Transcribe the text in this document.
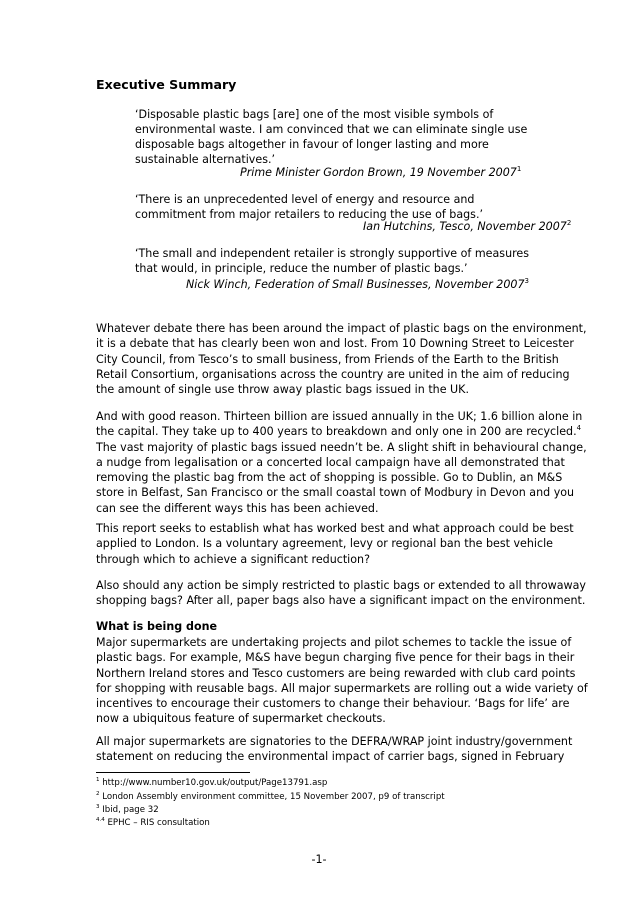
Executive Summary
‘Disposable plastic bags [are] one of the most visible symbols of
environmental waste. I am convinced that we can eliminate single use
disposable bags altogether in favour of longer lasting and more
sustainable alternatives.’
Prime Minister Gordon Brown, 19 November 2007$^1$
‘There is an unprecedented level of energy and resource and
commitment from major retailers to reducing the use of bags.’
Ian Hutchins, Tesco, November 2007$^2$
‘The small and independent retailer is strongly supportive of measures
that would, in principle, reduce the number of plastic bags.’
Nick Winch, Federation of Small Businesses, November 2007$^3$
Whatever debate there has been around the impact of plastic bags on the environment,
it is a debate that has clearly been won and lost. From 10 Downing Street to Leicester
City Council, from Tesco’s to small business, from Friends of the Earth to the British
Retail Consortium, organisations across the country are united in the aim of reducing
the amount of single use throw away plastic bags issued in the UK.
And with good reason. Thirteen billion are issued annually in the UK; 1.6 billion alone in
the capital. They take up to 400 years to breakdown and only one in 200 are recycled.$^4$
The vast majority of plastic bags issued needn’t be. A slight shift in behavioural change,
a nudge from legalisation or a concerted local campaign have all demonstrated that
removing the plastic bag from the act of shopping is possible. Go to Dublin, an M&S
store in Belfast, San Francisco or the small coastal town of Modbury in Devon and you
can see the different ways this has been achieved.
This report seeks to establish what has worked best and what approach could be best
applied to London. Is a voluntary agreement, levy or regional ban the best vehicle
through which to achieve a significant reduction?
Also should any action be simply restricted to plastic bags or extended to all throwaway
shopping bags? After all, paper bags also have a significant impact on the environment.
What is being done
Major supermarkets are undertaking projects and pilot schemes to tackle the issue of
plastic bags. For example, M&S have begun charging five pence for their bags in their
Northern Ireland stores and Tesco customers are being rewarded with club card points
for shopping with reusable bags. All major supermarkets are rolling out a wide variety of
incentives to encourage their customers to change their behaviour. ‘Bags for life’ are
now a ubiquitous feature of supermarket checkouts.
All major supermarkets are signatories to the DEFRA/WRAP joint industry/government
statement on reducing the environmental impact of carrier bags, signed in February
$^1$ http://www.number10.gov.uk/output/Page13791.asp
$^2$ London Assembly environment committee, 15 November 2007, p9 of transcript
$^3$ Ibid, page 32
$^{4.4}$ EPHC – RIS consultation
-1-
